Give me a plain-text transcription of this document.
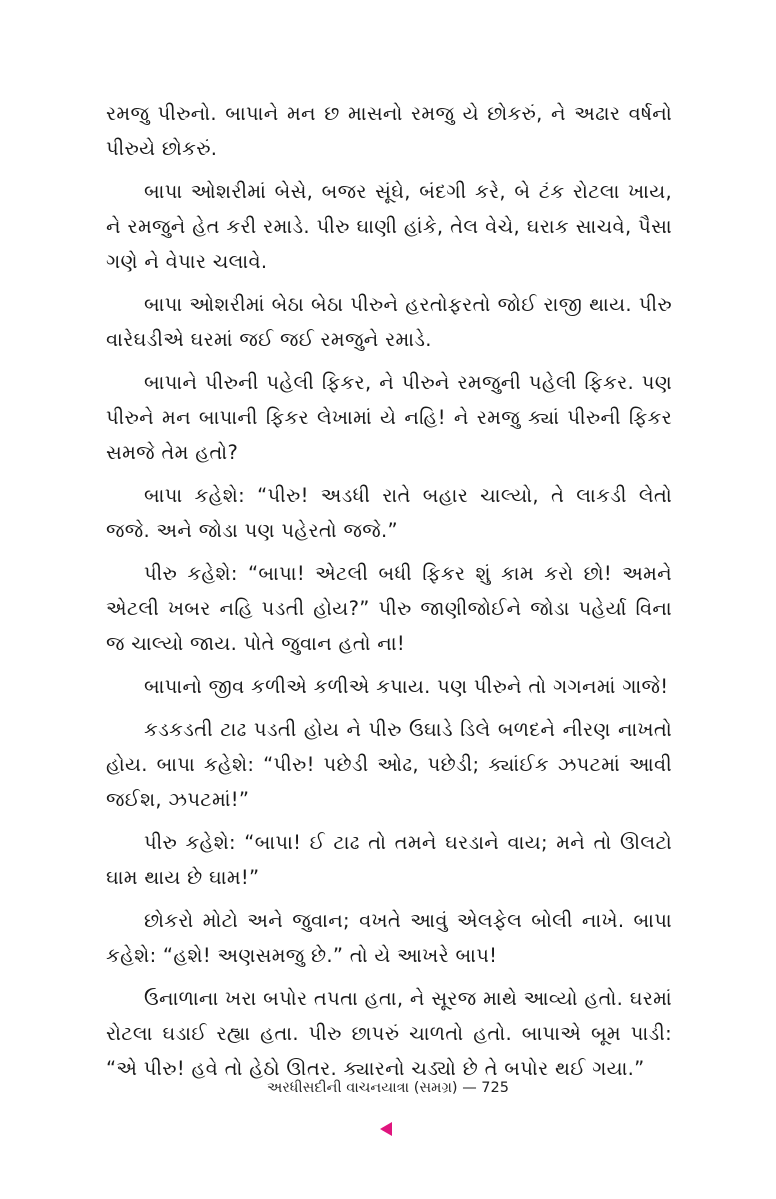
રમજુ પીરુનો. બાપાને મન છ માસનો રમજુ યે છોકરું, ને અઢાર વર્ષનો પીરુયે છોકરું.

બાપા ઓશરીમાં બેસે, બજર સૂંઘે, બંદગી કરે, બે ટંક રોટલા ખાય, ને રમજુને હેત કરી રમાડે. પીરુ ઘાણી હાંકે, તેલ વેચે, ઘરાક સાચવે, પૈસા ગણે ને વેપાર ચલાવે.

બાપા ઓશરીમાં બેઠા બેઠા પીરુને હરતોફરતો જોઈ રાજી થાય. પીરુ વારેઘડીએ ઘરમાં જઈ જઈ રમજુને રમાડે.

બાપાને પીરુની પહેલી ફિકર, ને પીરુને રમજુની પહેલી ફિકર. પણ પીરુને મન બાપાની ફિકર લેખામાં યે નહિ! ને રમજુ ક્યાં પીરુની ફિકર સમજે તેમ હતો?

બાપા કહેશે: “પીરુ! અડધી રાતે બહાર ચાલ્યો, તે લાકડી લેતો જજે. અને જોડા પણ પહેરતો જજે.”

પીરુ કહેશે: “બાપા! એટલી બધી ફિકર શું કામ કરો છો! અમને એટલી ખબર નહિ પડતી હોય?” પીરુ જાણીજોઈને જોડા પહેર્યા વિના જ ચાલ્યો જાય. પોતે જુવાન હતો ના!

બાપાનો જીવ કળીએ કળીએ કપાય. પણ પીરુને તો ગગનમાં ગાજે!

કડકડતી ટાઢ પડતી હોય ને પીરુ ઉઘાડે ડિલે બળદને નીરણ નાખતો હોય. બાપા કહેશે: “પીરુ! પછેડી ઓઢ, પછેડી; ક્યાંઈક ઝપટમાં આવી જઈશ, ઝપટમાં!”

પીરુ કહેશે: “બાપા! ઈ ટાઢ તો તમને ઘરડાને વાય; મને તો ઊલટો ઘામ થાય છે ઘામ!”

છોકરો મોટો અને જુવાન; વખતે આવું એલફેલ બોલી નાખે. બાપા કહેશે: “હશે! અણસમજુ છે.” તો યે આખરે બાપ!

ઉનાળાના ખરા બપોર તપતા હતા, ને સૂરજ માથે આવ્યો હતો. ઘરમાં રોટલા ઘડાઈ રહ્યા હતા. પીરુ છાપરું ચાળતો હતો. બાપાએ બૂમ પાડી: “એ પીરુ! હવે તો હેઠો ઊતર. ક્યારનો ચડ્યો છે તે બપોર થઈ ગયા.”

અરધીસદીની વાચનયાત્રા (સમગ્ર) — 725
